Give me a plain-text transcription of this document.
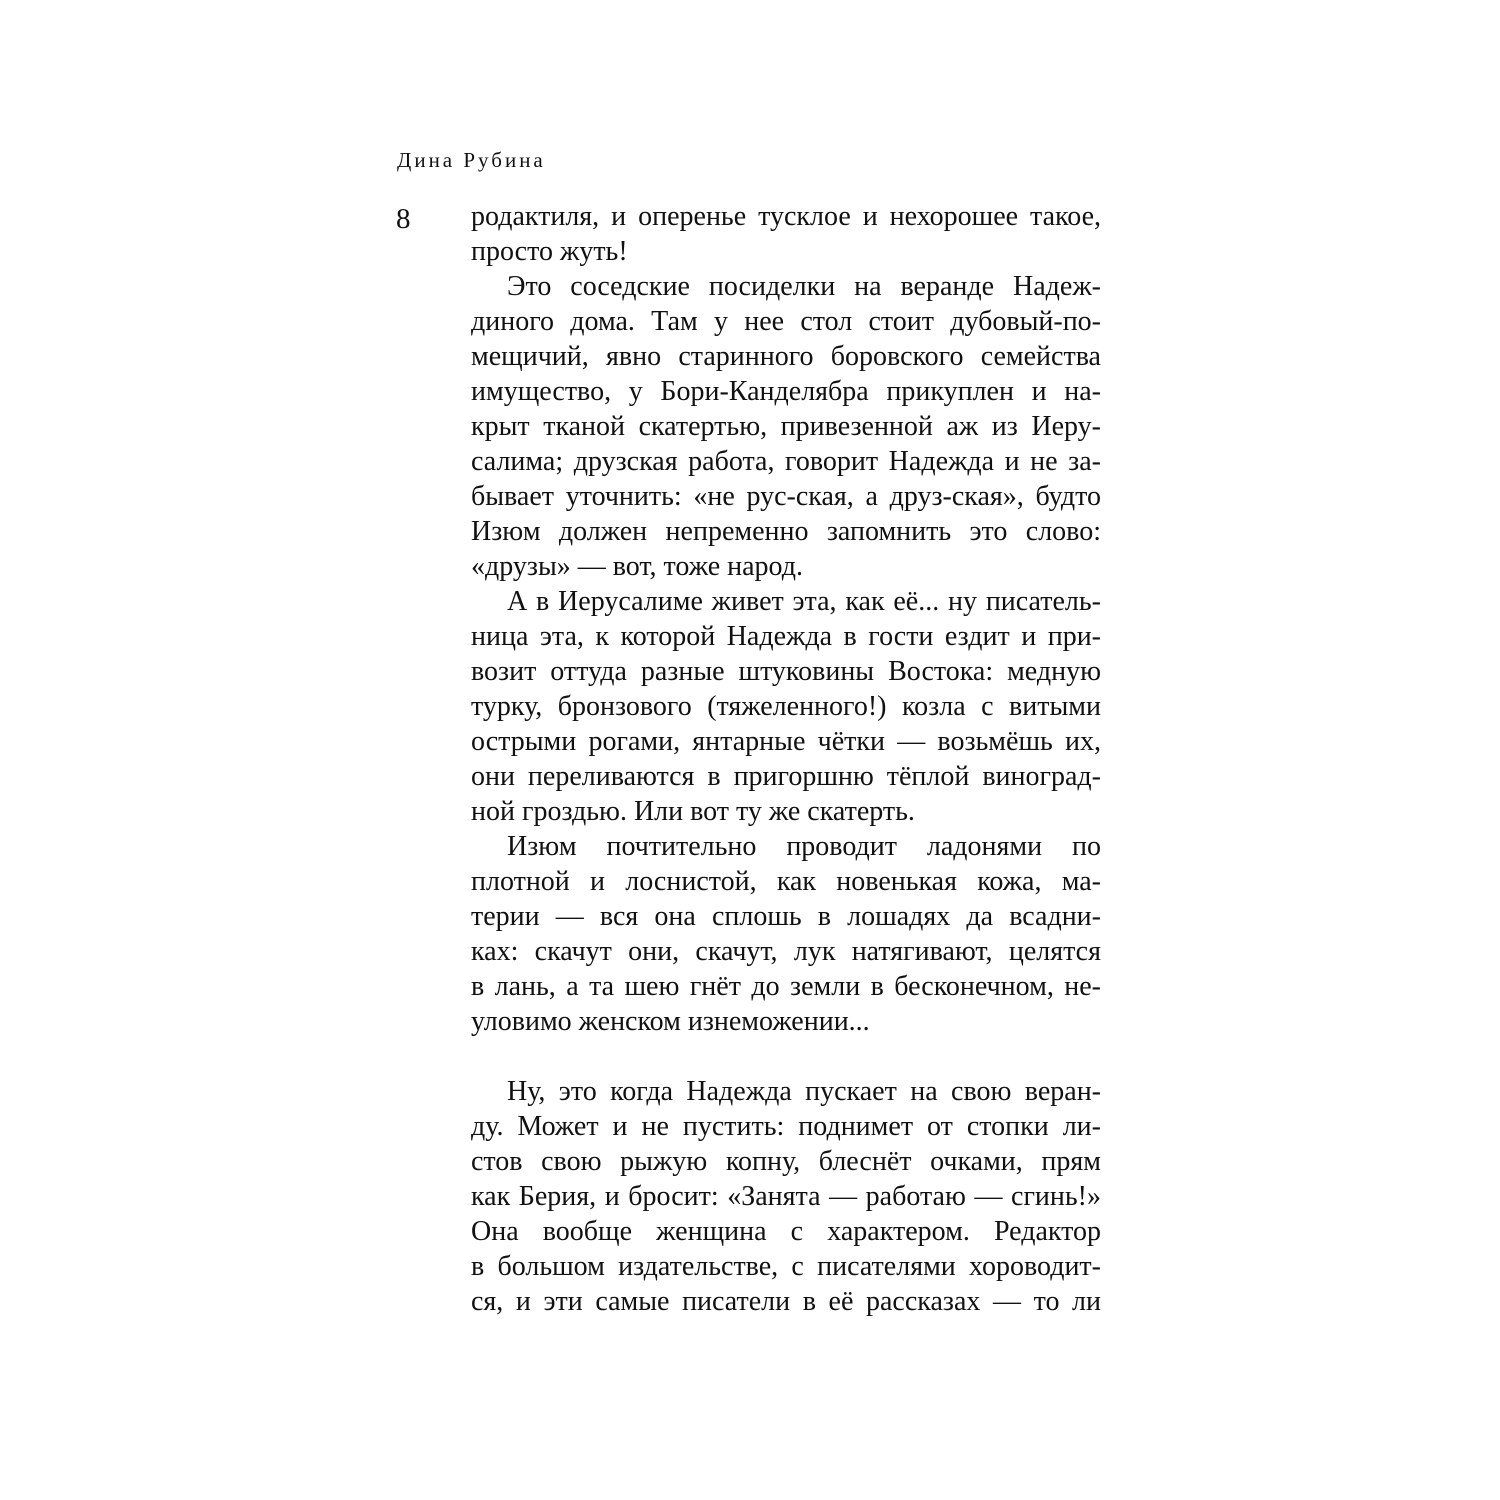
Дина Рубина
8 родактиля, и оперенье тусклое и нехорошее такое,
просто жуть!
Это соседские посиделки на веранде Надеж-
диного дома. Там у нее стол стоит дубовый-по-
мещичий, явно старинного боровского семейства
имущество, у Бори-Канделябра прикуплен и на-
крыт тканой скатертью, привезенной аж из Иеру-
салима; друзская работа, говорит Надежда и не за-
бывает уточнить: «не рус-ская, а друз-ская», будто
Изюм должен непременно запомнить это слово:
«друзы» — вот, тоже народ.
А в Иерусалиме живет эта, как её... ну писатель-
ница эта, к которой Надежда в гости ездит и при-
возит оттуда разные штуковины Востока: медную
турку, бронзового (тяжеленного!) козла с витыми
острыми рогами, янтарные чётки — возьмёшь их,
они переливаются в пригоршню тёплой виноград-
ной гроздью. Или вот ту же скатерть.
Изюм почтительно проводит ладонями по
плотной и лоснистой, как новенькая кожа, ма-
терии — вся она сплошь в лошадях да всадни-
ках: скачут они, скачут, лук натягивают, целятся
в лань, а та шею гнёт до земли в бесконечном, не-
уловимо женском изнеможении...
Ну, это когда Надежда пускает на свою веран-
ду. Может и не пустить: поднимет от стопки ли-
стов свою рыжую копну, блеснёт очками, прям
как Берия, и бросит: «Занята — работаю — сгинь!»
Она вообще женщина с характером. Редактор
в большом издательстве, с писателями хороводит-
ся, и эти самые писатели в её рассказах — то ли
